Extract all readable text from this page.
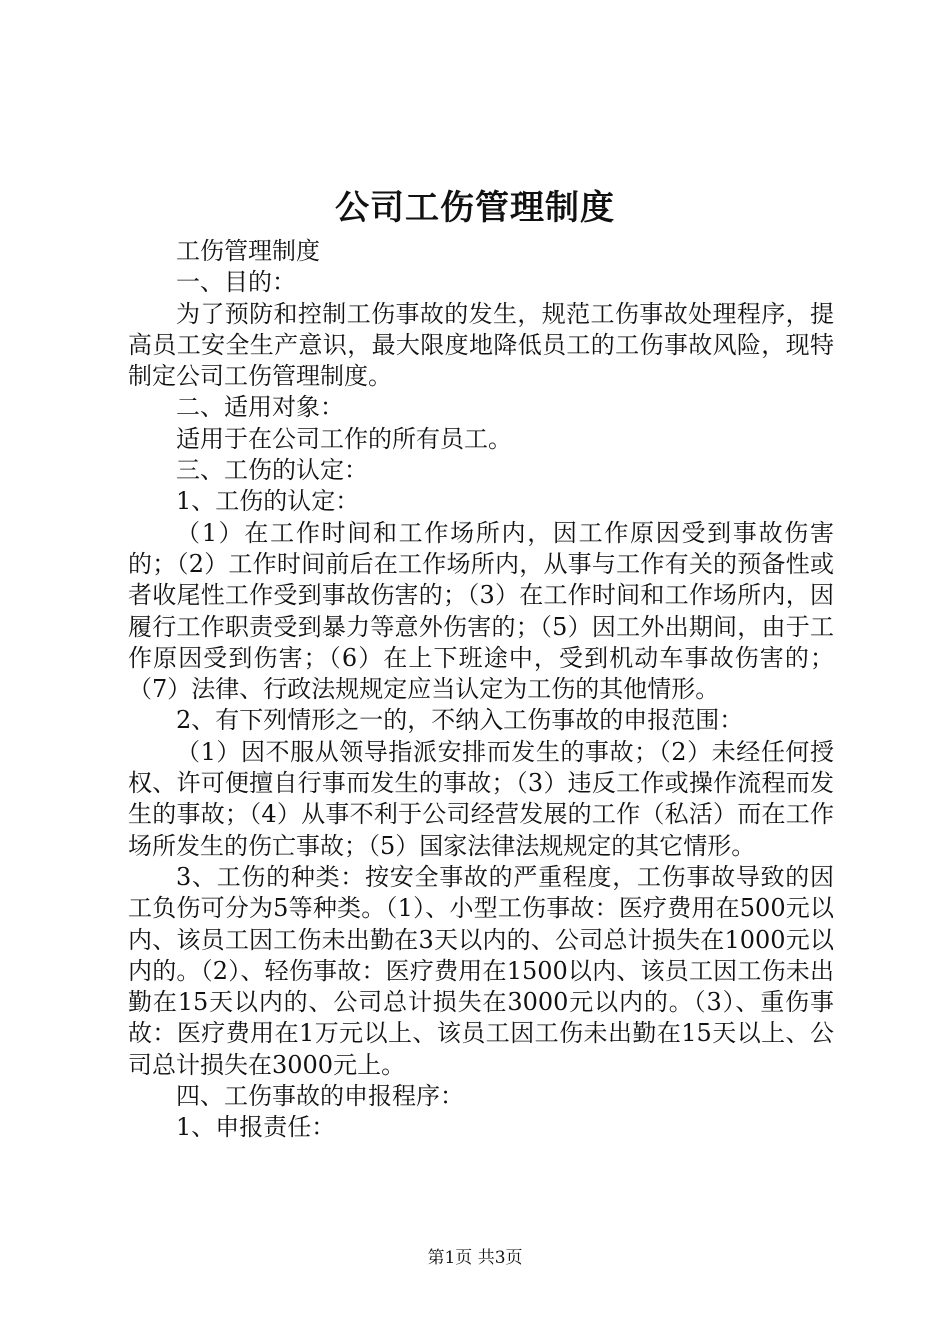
公司工伤管理制度

工伤管理制度

一、目的：

为了预防和控制工伤事故的发生，规范工伤事故处理程序，提高员工安全生产意识，最大限度地降低员工的工伤事故风险，现特制定公司工伤管理制度。

二、适用对象：

适用于在公司工作的所有员工。

三、工伤的认定：

1、工伤的认定：

（1）在工作时间和工作场所内，因工作原因受到事故伤害的；（2）工作时间前后在工作场所内，从事与工作有关的预备性或者收尾性工作受到事故伤害的；（3）在工作时间和工作场所内，因履行工作职责受到暴力等意外伤害的；（5）因工外出期间，由于工作原因受到伤害；（6）在上下班途中，受到机动车事故伤害的；（7）法律、行政法规规定应当认定为工伤的其他情形。

2、有下列情形之一的，不纳入工伤事故的申报范围：

（1）因不服从领导指派安排而发生的事故；（2）未经任何授权、许可便擅自行事而发生的事故；（3）违反工作或操作流程而发生的事故；（4）从事不利于公司经营发展的工作（私活）而在工作场所发生的伤亡事故；（5）国家法律法规规定的其它情形。

3、工伤的种类：按安全事故的严重程度，工伤事故导致的因工负伤可分为5等种类。（1）、小型工伤事故：医疗费用在500元以内、该员工因工伤未出勤在3天以内的、公司总计损失在1000元以内的。（2）、轻伤事故：医疗费用在1500以内、该员工因工伤未出勤在15天以内的、公司总计损失在3000元以内的。（3）、重伤事故：医疗费用在1万元以上、该员工因工伤未出勤在15天以上、公司总计损失在3000元上。

四、工伤事故的申报程序：

1、申报责任：

第1页 共3页
